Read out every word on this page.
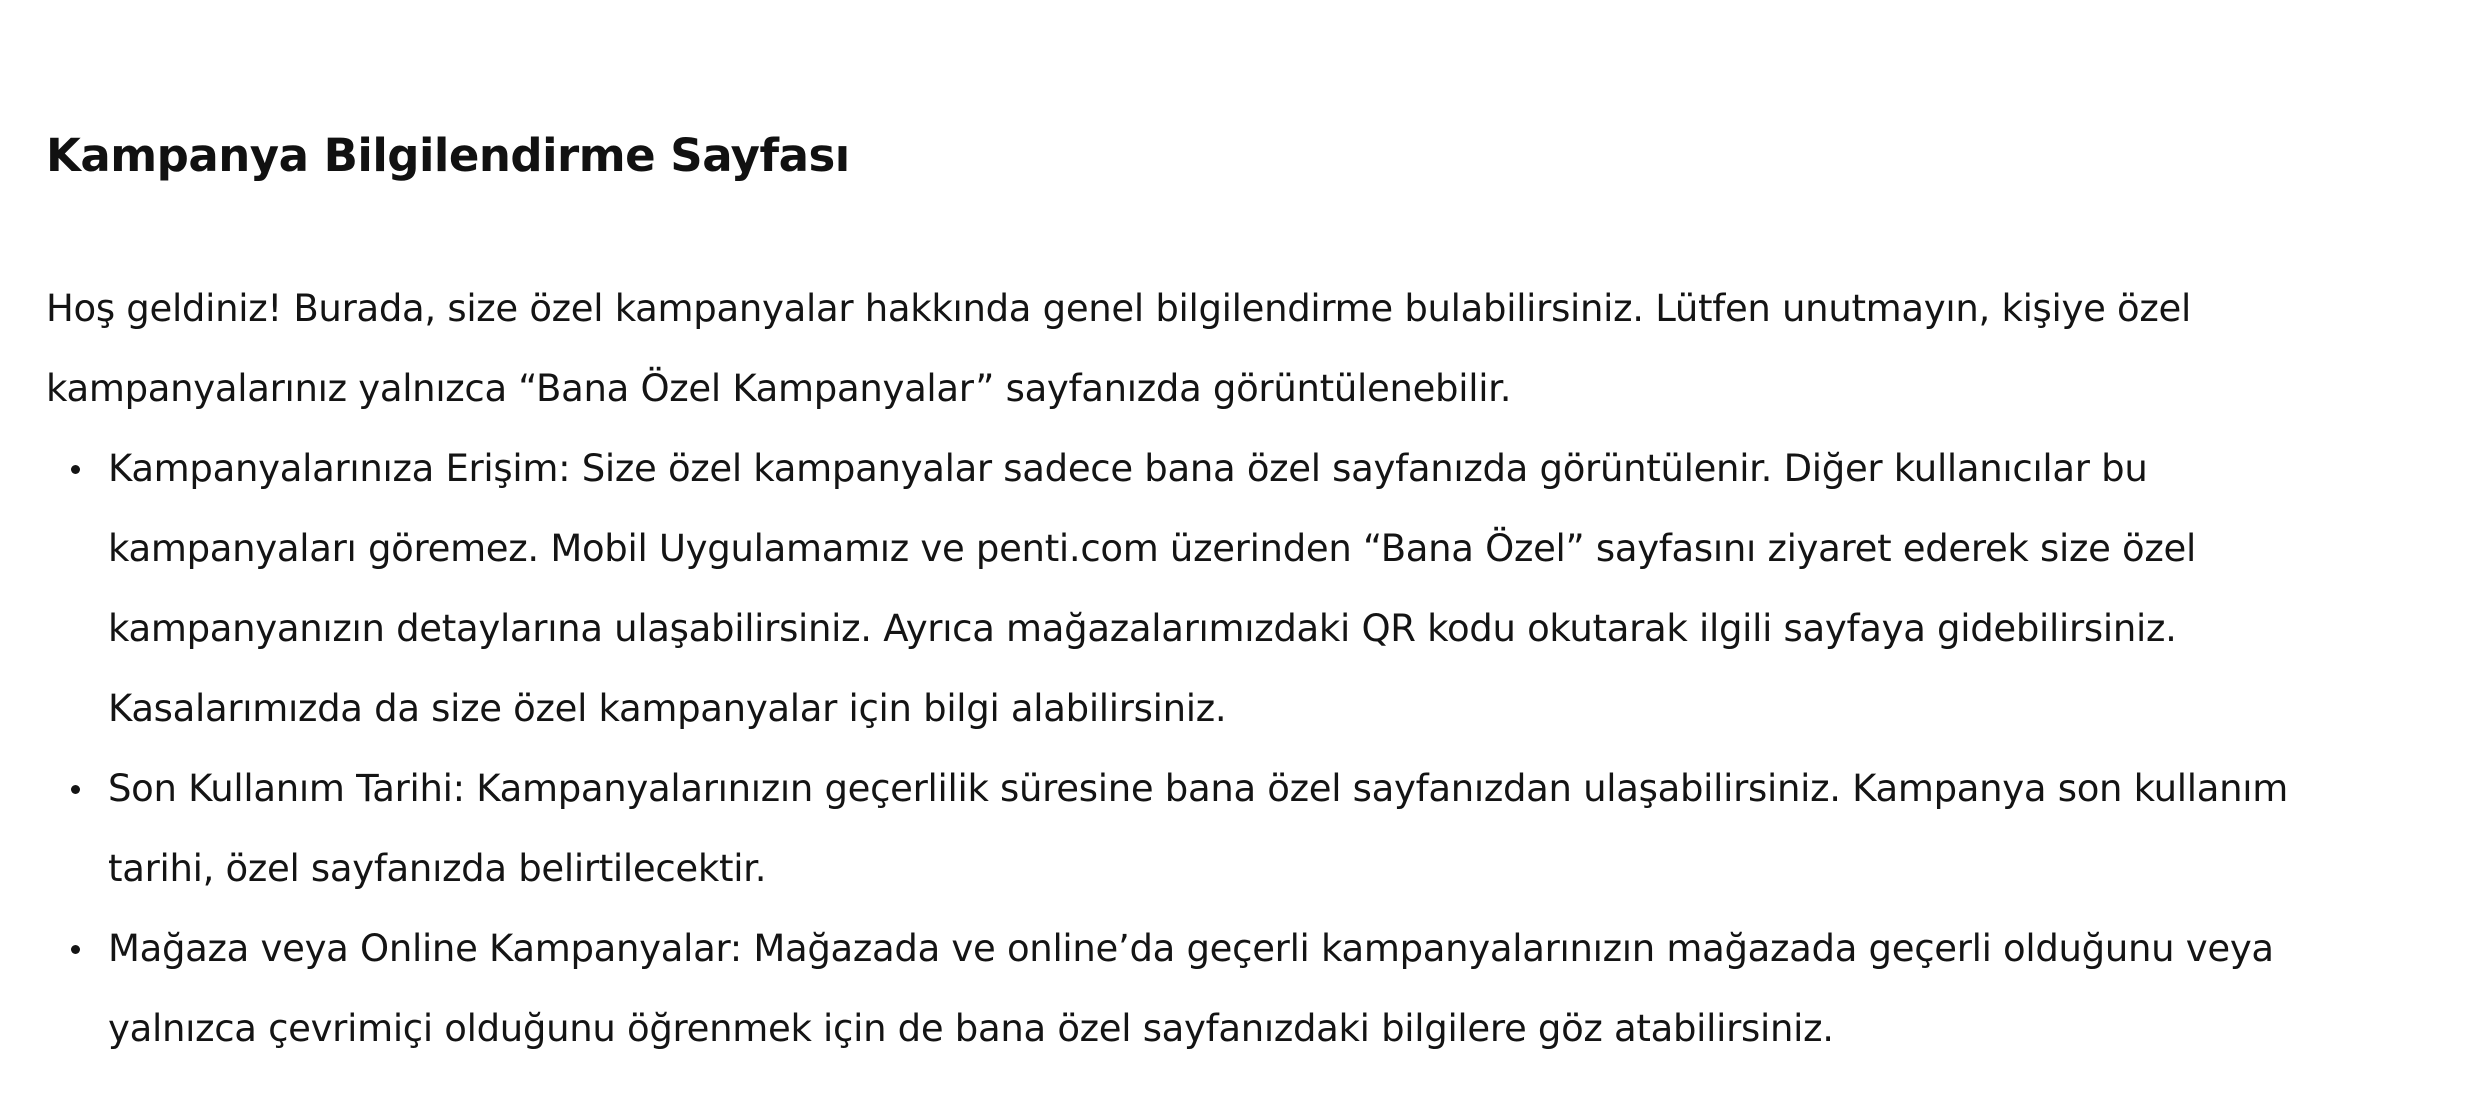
Kampanya Bilgilendirme Sayfası

Hoş geldiniz! Burada, size özel kampanyalar hakkında genel bilgilendirme bulabilirsiniz. Lütfen unutmayın, kişiye özel
kampanyalarınız yalnızca “Bana Özel Kampanyalar” sayfanızda görüntülenebilir.

Kampanyalarınıza Erişim: Size özel kampanyalar sadece bana özel sayfanızda görüntülenir. Diğer kullanıcılar bu
kampanyaları göremez. Mobil Uygulamamız ve penti.com üzerinden “Bana Özel” sayfasını ziyaret ederek size özel
kampanyanızın detaylarına ulaşabilirsiniz. Ayrıca mağazalarımızdaki QR kodu okutarak ilgili sayfaya gidebilirsiniz.
Kasalarımızda da size özel kampanyalar için bilgi alabilirsiniz.
Son Kullanım Tarihi: Kampanyalarınızın geçerlilik süresine bana özel sayfanızdan ulaşabilirsiniz. Kampanya son kullanım
tarihi, özel sayfanızda belirtilecektir.
Mağaza veya Online Kampanyalar: Mağazada ve online’da geçerli kampanyalarınızın mağazada geçerli olduğunu veya
yalnızca çevrimiçi olduğunu öğrenmek için de bana özel sayfanızdaki bilgilere göz atabilirsiniz.
